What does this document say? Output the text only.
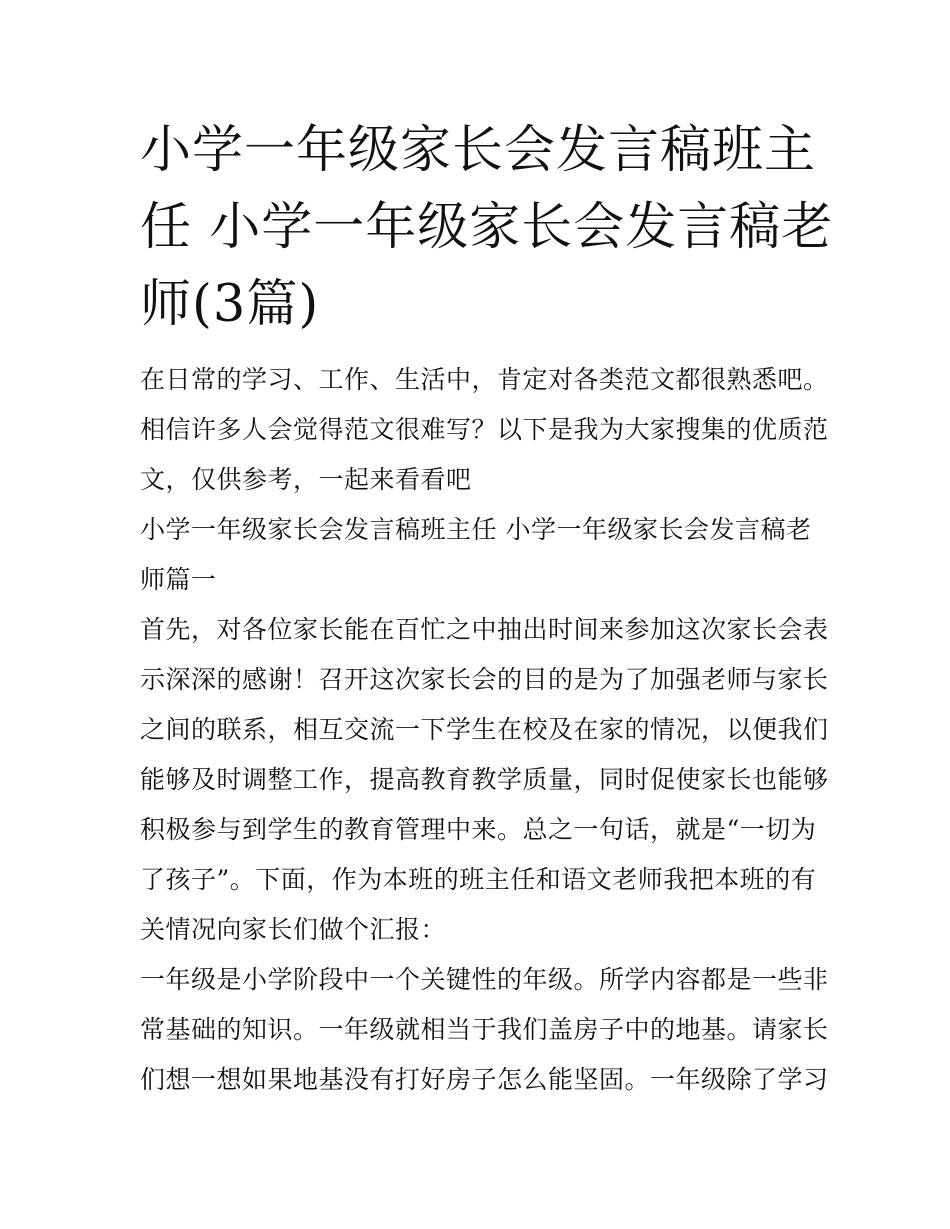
小学一年级家长会发言稿班主
任 小学一年级家长会发言稿老
师(3篇)
在日常的学习、工作、生活中，肯定对各类范文都很熟悉吧。
相信许多人会觉得范文很难写？以下是我为大家搜集的优质范
文，仅供参考，一起来看看吧
小学一年级家长会发言稿班主任 小学一年级家长会发言稿老
师篇一
首先，对各位家长能在百忙之中抽出时间来参加这次家长会表
示深深的感谢！召开这次家长会的目的是为了加强老师与家长
之间的联系，相互交流一下学生在校及在家的情况，以便我们
能够及时调整工作，提高教育教学质量，同时促使家长也能够
积极参与到学生的教育管理中来。总之一句话，就是“一切为
了孩子”。下面，作为本班的班主任和语文老师我把本班的有
关情况向家长们做个汇报：
一年级是小学阶段中一个关键性的年级。所学内容都是一些非
常基础的知识。一年级就相当于我们盖房子中的地基。请家长
们想一想如果地基没有打好房子怎么能坚固。一年级除了学习
